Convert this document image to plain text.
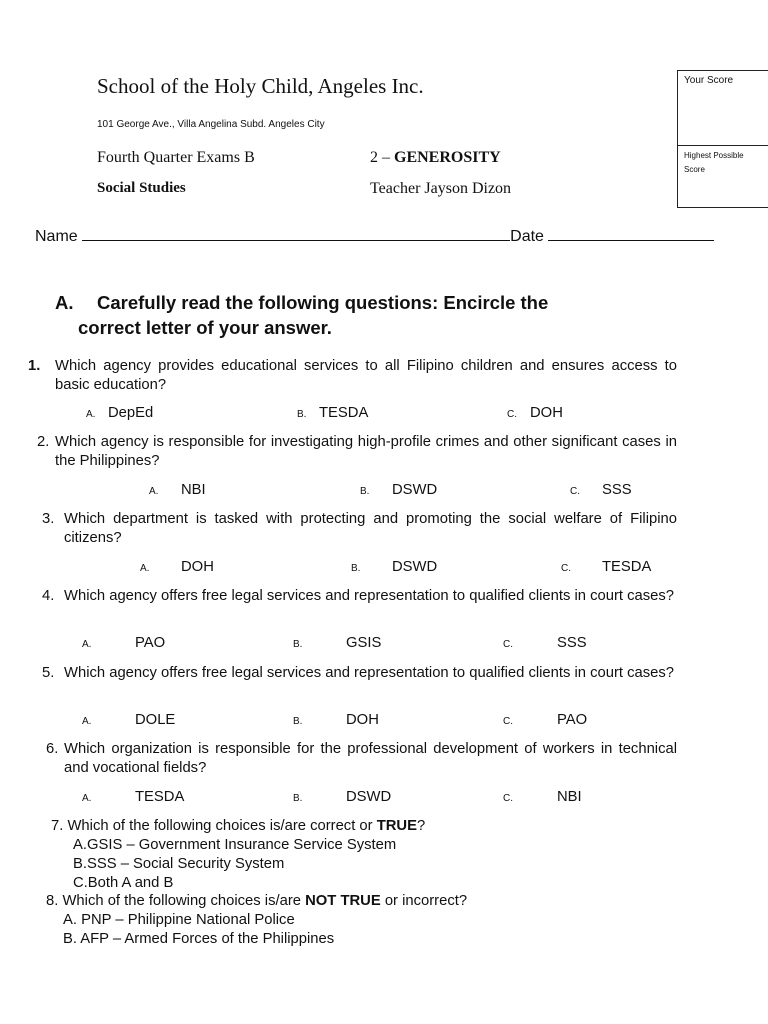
School of the Holy Child, Angeles Inc.
101 George Ave., Villa Angelina Subd. Angeles City
Fourth Quarter Exams B
Social Studies
2 – GENEROSITY
Teacher Jayson Dizon
Your Score
Highest Possible Score
Name	Date
A. Carefully read the following questions: Encircle the
correct letter of your answer.
1. Which agency provides educational services to all Filipino children and ensures access to basic education?
A. DepEd	B. TESDA	C. DOH
2. Which agency is responsible for investigating high-profile crimes and other significant cases in the Philippines?
A. NBI	B. DSWD	C. SSS
3. Which department is tasked with protecting and promoting the social welfare of Filipino citizens?
A. DOH	B. DSWD	C. TESDA
4. Which agency offers free legal services and representation to qualified clients in court cases?
A.	PAO	B.	GSIS	C.	SSS
5. Which agency offers free legal services and representation to qualified clients in court cases?
A.	DOLE	B.	DOH	C.	PAO
6. Which organization is responsible for the professional development of workers in technical and vocational fields?
A.	TESDA	B.	DSWD	C.	NBI
7. Which of the following choices is/are correct or TRUE?
A.GSIS – Government Insurance Service System
B.SSS – Social Security System
C.Both A and B
8. Which of the following choices is/are NOT TRUE or incorrect?
A. PNP – Philippine National Police
B. AFP – Armed Forces of the Philippines
